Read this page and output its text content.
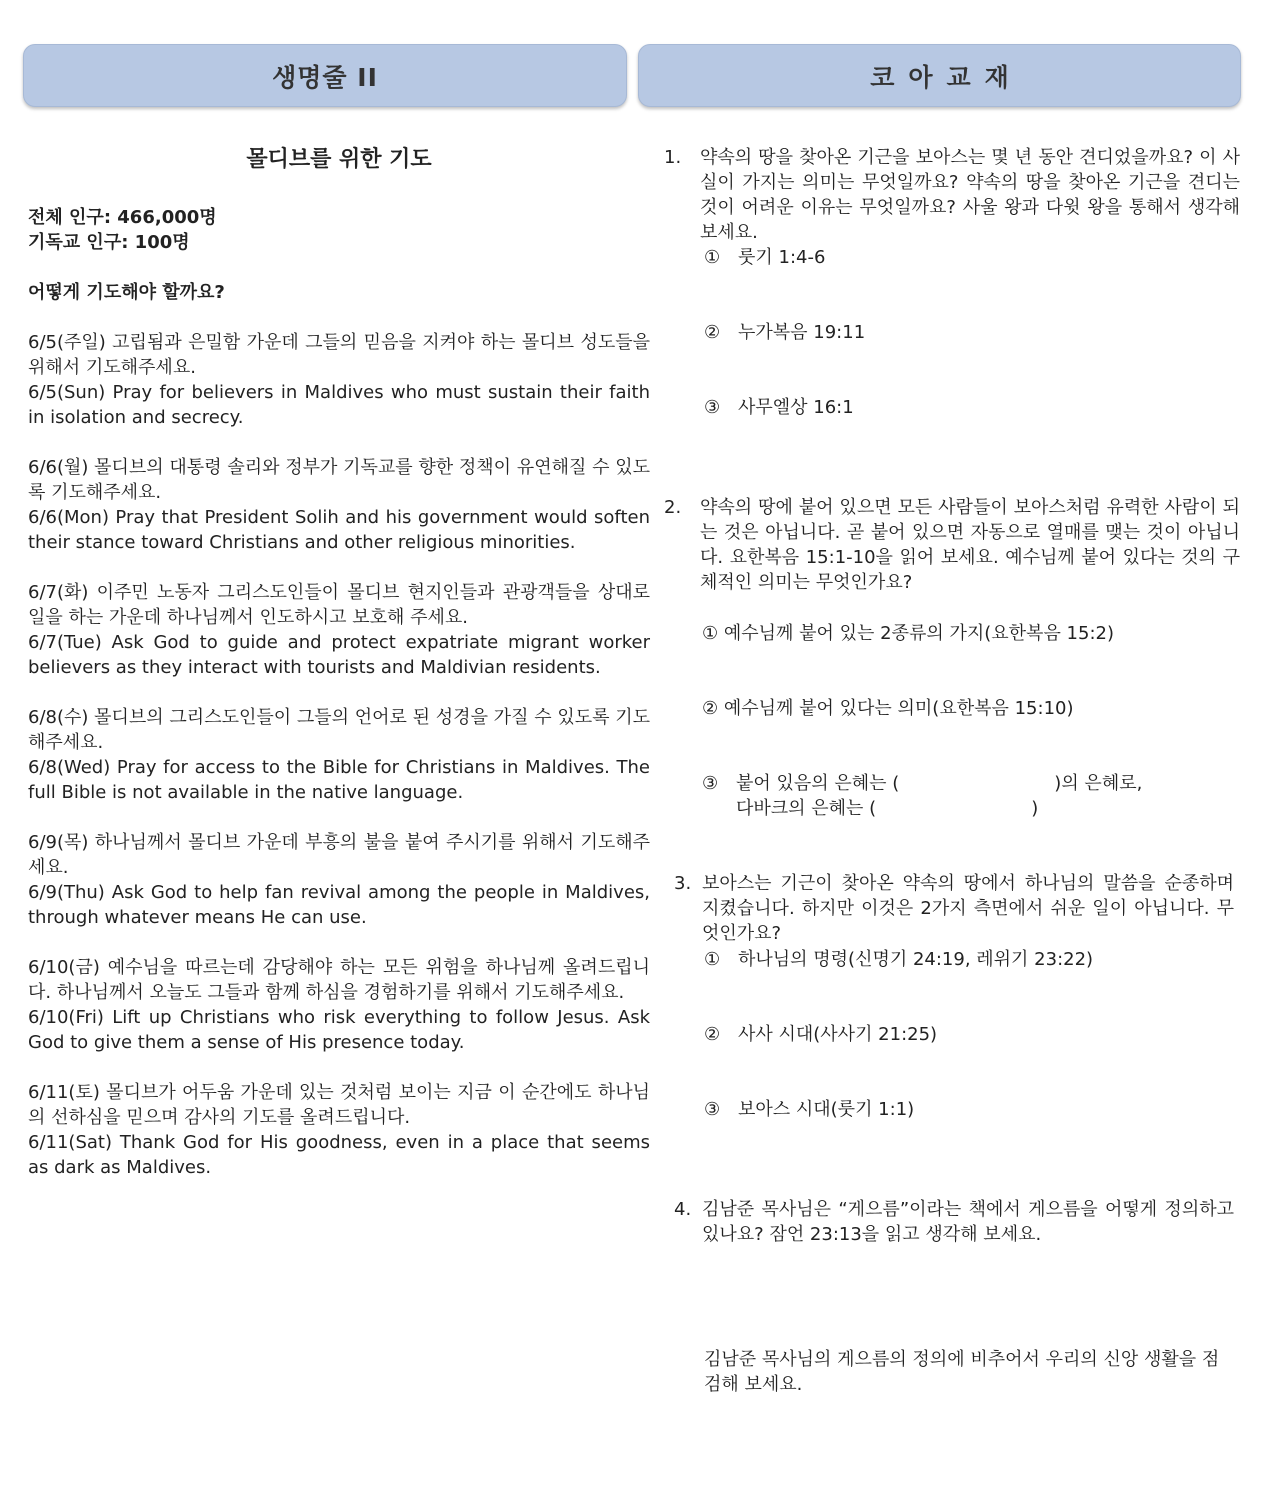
생명줄 II	코아교재
몰디브를 위한 기도
전체 인구: 466,000명
기독교 인구: 100명
어떻게 기도해야 할까요?

6/5(주일) 고립됨과 은밀함 가운데 그들의 믿음을 지켜야 하는 몰디브 성도들을 위해서 기도해주세요.

6/5(Sun) Pray for believers in Maldives who must sustain their faith in isolation and secrecy.

6/6(월) 몰디브의 대통령 솔리와 정부가 기독교를 향한 정책이 유연해질 수 있도록 기도해주세요.

6/6(Mon) Pray that President Solih and his government would soften their stance toward Christians and other religious minorities.

6/7(화) 이주민 노동자 그리스도인들이 몰디브 현지인들과 관광객들을 상대로 일을 하는 가운데 하나님께서 인도하시고 보호해 주세요.

6/7(Tue) Ask God to guide and protect expatriate migrant worker believers as they interact with tourists and Maldivian residents.

6/8(수) 몰디브의 그리스도인들이 그들의 언어로 된 성경을 가질 수 있도록 기도해주세요.

6/8(Wed) Pray for access to the Bible for Christians in Maldives. The full Bible is not available in the native language.

6/9(목) 하나님께서 몰디브 가운데 부흥의 불을 붙여 주시기를 위해서 기도해주세요.

6/9(Thu) Ask God to help fan revival among the people in Maldives, through whatever means He can use.

6/10(금) 예수님을 따르는데 감당해야 하는 모든 위험을 하나님께 올려드립니다. 하나님께서 오늘도 그들과 함께 하심을 경험하기를 위해서 기도해주세요.

6/10(Fri) Lift up Christians who risk everything to follow Jesus. Ask God to give them a sense of His presence today.

6/11(토) 몰디브가 어두움 가운데 있는 것처럼 보이는 지금 이 순간에도 하나님의 선하심을 믿으며 감사의 기도를 올려드립니다.

6/11(Sat) Thank God for His goodness, even in a place that seems as dark as Maldives.

1. 약속의 땅을 찾아온 기근을 보아스는 몇 년 동안 견디었을까요? 이 사실이 가지는 의미는 무엇일까요? 약속의 땅을 찾아온 기근을 견디는 것이 어려운 이유는 무엇일까요? 사울 왕과 다윗 왕을 통해서 생각해 보세요.
① 룻기 1:4-6
② 누가복음 19:11
③ 사무엘상 16:1
2. 약속의 땅에 붙어 있으면 모든 사람들이 보아스처럼 유력한 사람이 되는 것은 아닙니다. 곧 붙어 있으면 자동으로 열매를 맺는 것이 아닙니다. 요한복음 15:1-10을 읽어 보세요. 예수님께 붙어 있다는 것의 구체적인 의미는 무엇인가요?
① 예수님께 붙어 있는 2종류의 가지(요한복음 15:2)
② 예수님께 붙어 있다는 의미(요한복음 15:10)
③ 붙어 있음의 은혜는 (	)의 은혜로,
다바크의 은혜는 (	)
3. 보아스는 기근이 찾아온 약속의 땅에서 하나님의 말씀을 순종하며 지켰습니다. 하지만 이것은 2가지 측면에서 쉬운 일이 아닙니다. 무엇인가요?
① 하나님의 명령(신명기 24:19, 레위기 23:22)
② 사사 시대(사사기 21:25)
③ 보아스 시대(룻기 1:1)
4. 김남준 목사님은 “게으름”이라는 책에서 게으름을 어떻게 정의하고 있나요? 잠언 23:13을 읽고 생각해 보세요.
김남준 목사님의 게으름의 정의에 비추어서 우리의 신앙 생활을 점검해 보세요.
